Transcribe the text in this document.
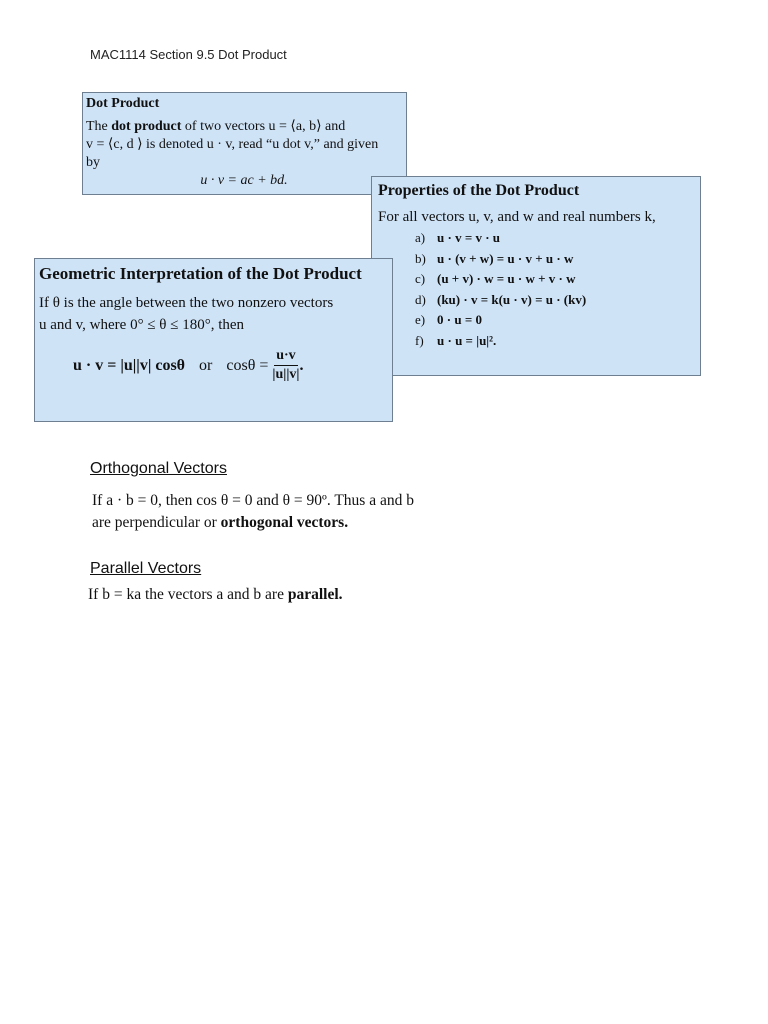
MAC1114 Section 9.5 Dot Product
Dot Product
The dot product of two vectors u = ⟨a, b⟩ and
v = ⟨c, d ⟩ is denoted u · v, read “u dot v,” and given
by
u · v = ac + bd.
Properties of the Dot Product
For all vectors u, v, and w and real numbers k,
a) u · v = v · u
b) u · (v + w) = u · v + u · w
c) (u + v) · w = u · w + v · w
d) (ku) · v = k(u · v) = u · (kv)
e) 0 · u = 0
f)	u · u = |u|².
Geometric Interpretation of the Dot Product
If θ is the angle between the two nonzero vectors
u and v, where 0° ≤ θ ≤ 180°, then
u · v = |u||v| cosθ or $\cos\theta = \frac{u\cdot v}{|u||v|}$ .
Orthogonal Vectors
If a · b = 0, then cos θ = 0 and θ = 90º. Thus a and b
are perpendicular or orthogonal vectors.
Parallel Vectors
If b = ka the vectors a and b are parallel.
